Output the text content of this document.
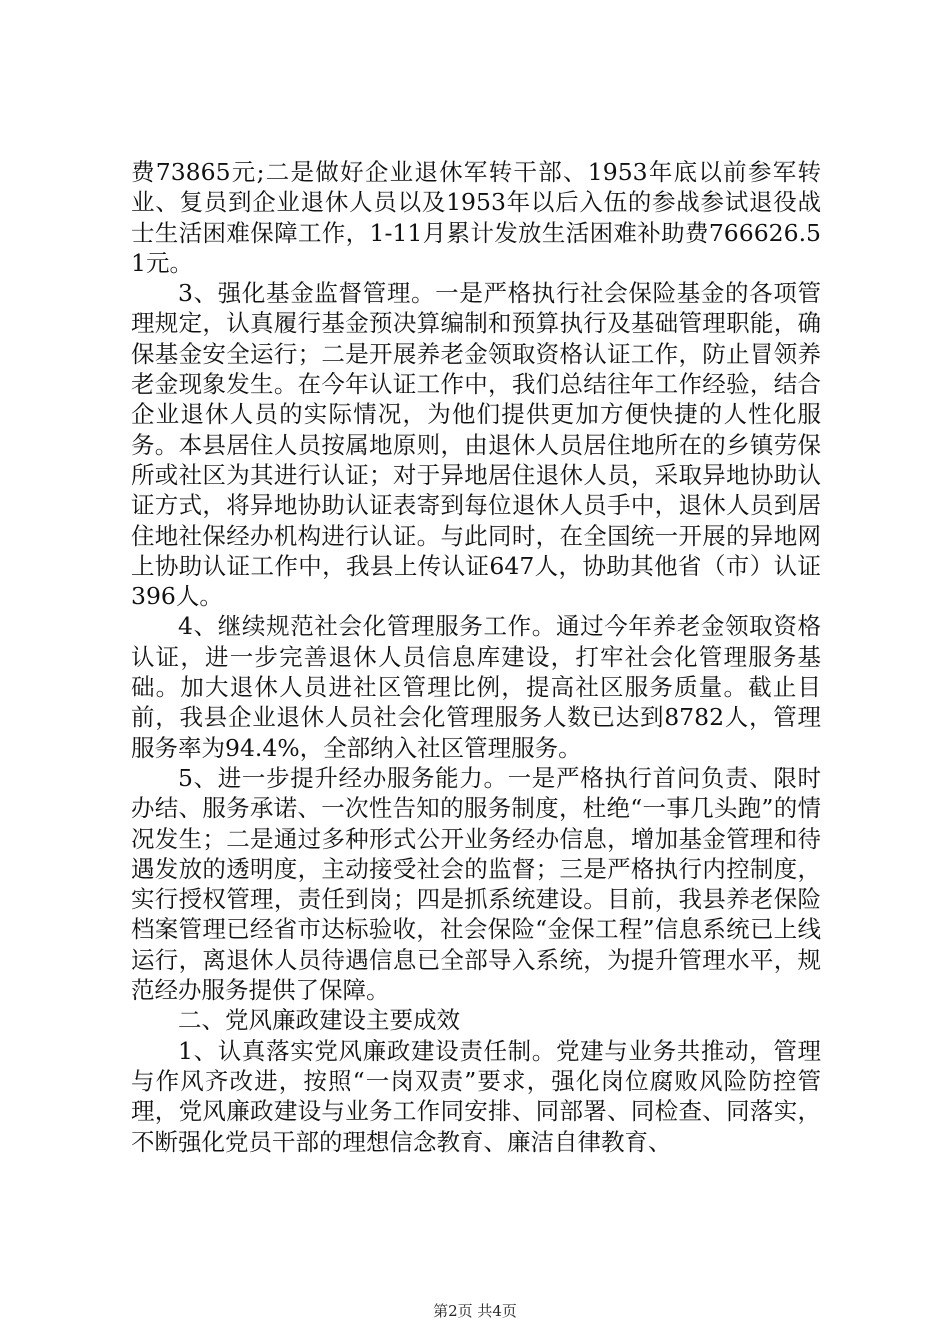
费73865元;二是做好企业退休军转干部、1953年底以前参军转业、复员到企业退休人员以及1953年以后入伍的参战参试退役战士生活困难保障工作，1-11月累计发放生活困难补助费766626.51元。

3、强化基金监督管理。一是严格执行社会保险基金的各项管理规定，认真履行基金预决算编制和预算执行及基础管理职能，确保基金安全运行；二是开展养老金领取资格认证工作，防止冒领养老金现象发生。在今年认证工作中，我们总结往年工作经验，结合企业退休人员的实际情况，为他们提供更加方便快捷的人性化服务。本县居住人员按属地原则，由退休人员居住地所在的乡镇劳保所或社区为其进行认证；对于异地居住退休人员，采取异地协助认证方式，将异地协助认证表寄到每位退休人员手中，退休人员到居住地社保经办机构进行认证。与此同时，在全国统一开展的异地网上协助认证工作中，我县上传认证647人，协助其他省（市）认证396人。

4、继续规范社会化管理服务工作。通过今年养老金领取资格认证，进一步完善退休人员信息库建设，打牢社会化管理服务基础。加大退休人员进社区管理比例，提高社区服务质量。截止目前，我县企业退休人员社会化管理服务人数已达到8782人，管理服务率为94.4%，全部纳入社区管理服务。

5、进一步提升经办服务能力。一是严格执行首问负责、限时办结、服务承诺、一次性告知的服务制度，杜绝“一事几头跑”的情况发生；二是通过多种形式公开业务经办信息，增加基金管理和待遇发放的透明度，主动接受社会的监督；三是严格执行内控制度，实行授权管理，责任到岗；四是抓系统建设。目前，我县养老保险档案管理已经省市达标验收，社会保险“金保工程”信息系统已上线运行，离退休人员待遇信息已全部导入系统，为提升管理水平，规范经办服务提供了保障。

二、党风廉政建设主要成效

1、认真落实党风廉政建设责任制。党建与业务共推动，管理与作风齐改进，按照“一岗双责”要求，强化岗位腐败风险防控管理，党风廉政建设与业务工作同安排、同部署、同检查、同落实，不断强化党员干部的理想信念教育、廉洁自律教育、

第2页 共4页
